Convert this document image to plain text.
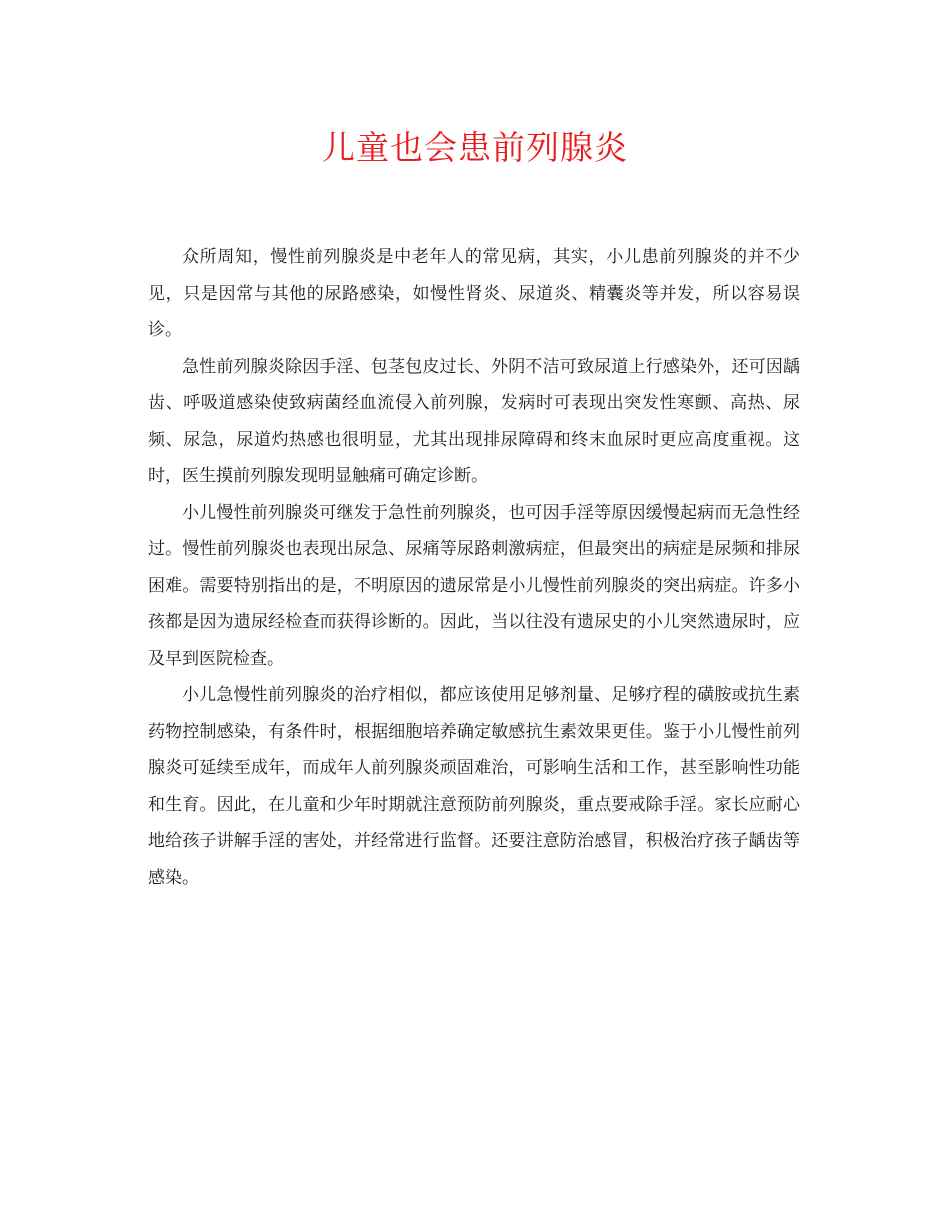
儿童也会患前列腺炎

众所周知，慢性前列腺炎是中老年人的常见病，其实，小儿患前列腺炎的并不少见，只是因常与其他的尿路感染，如慢性肾炎、尿道炎、精囊炎等并发，所以容易误诊。

急性前列腺炎除因手淫、包茎包皮过长、外阴不洁可致尿道上行感染外，还可因龋齿、呼吸道感染使致病菌经血流侵入前列腺，发病时可表现出突发性寒颤、高热、尿频、尿急，尿道灼热感也很明显，尤其出现排尿障碍和终末血尿时更应高度重视。这时，医生摸前列腺发现明显触痛可确定诊断。

小儿慢性前列腺炎可继发于急性前列腺炎，也可因手淫等原因缓慢起病而无急性经过。慢性前列腺炎也表现出尿急、尿痛等尿路刺激病症，但最突出的病症是尿频和排尿困难。需要特别指出的是，不明原因的遗尿常是小儿慢性前列腺炎的突出病症。许多小孩都是因为遗尿经检查而获得诊断的。因此，当以往没有遗尿史的小儿突然遗尿时，应及早到医院检查。

小儿急慢性前列腺炎的治疗相似，都应该使用足够剂量、足够疗程的磺胺或抗生素药物控制感染，有条件时，根据细胞培养确定敏感抗生素效果更佳。鉴于小儿慢性前列腺炎可延续至成年，而成年人前列腺炎顽固难治，可影响生活和工作，甚至影响性功能和生育。因此，在儿童和少年时期就注意预防前列腺炎，重点要戒除手淫。家长应耐心地给孩子讲解手淫的害处，并经常进行监督。还要注意防治感冒，积极治疗孩子龋齿等感染。
